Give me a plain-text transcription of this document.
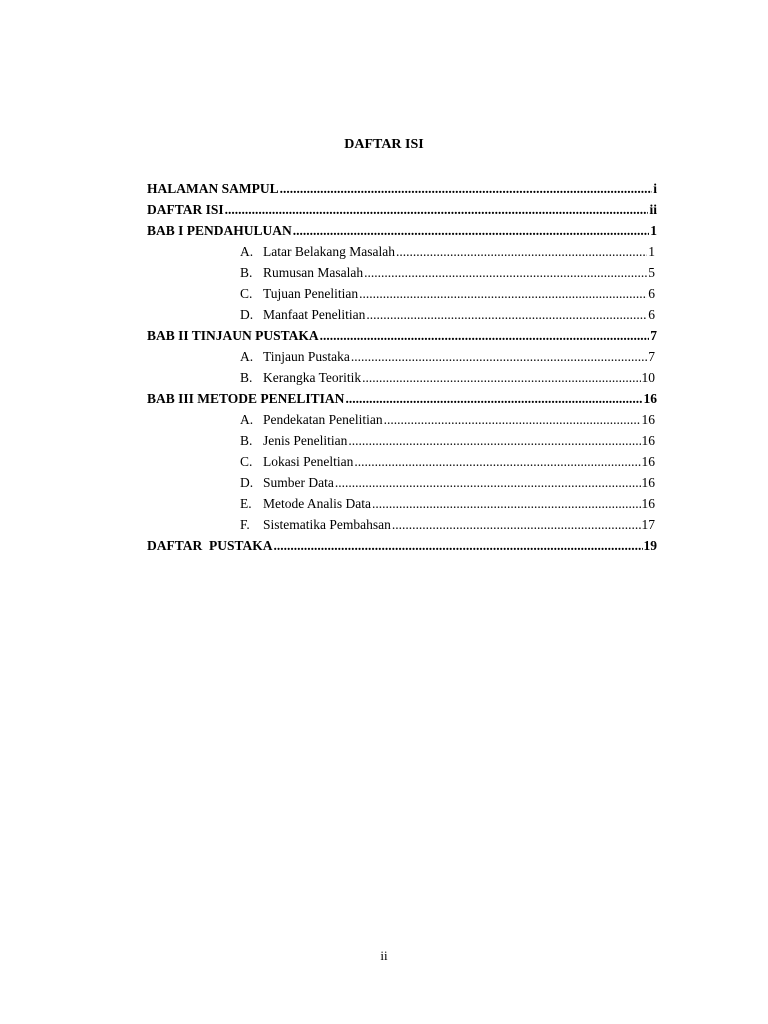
DAFTAR ISI
HALAMAN SAMPUL .....	i
DAFTAR ISI .....	ii
BAB I PENDAHULUAN .....	1
A. Latar Belakang Masalah .....	1
B. Rumusan Masalah .....	5
C. Tujuan Penelitian .....	6
D. Manfaat Penelitian .....	6
BAB II TINJAUN PUSTAKA .....	7
A. Tinjaun Pustaka .....	7
B. Kerangka Teoritik .....	10
BAB III METODE PENELITIAN .....	16
A. Pendekatan Penelitian .....	16
B. Jenis Penelitian .....	16
C. Lokasi Peneltian .....	16
D. Sumber Data .....	16
E. Metode Analis Data .....	16
F. Sistematika Pembahsan .....	17
DAFTAR  PUSTAKA .....	19
ii
